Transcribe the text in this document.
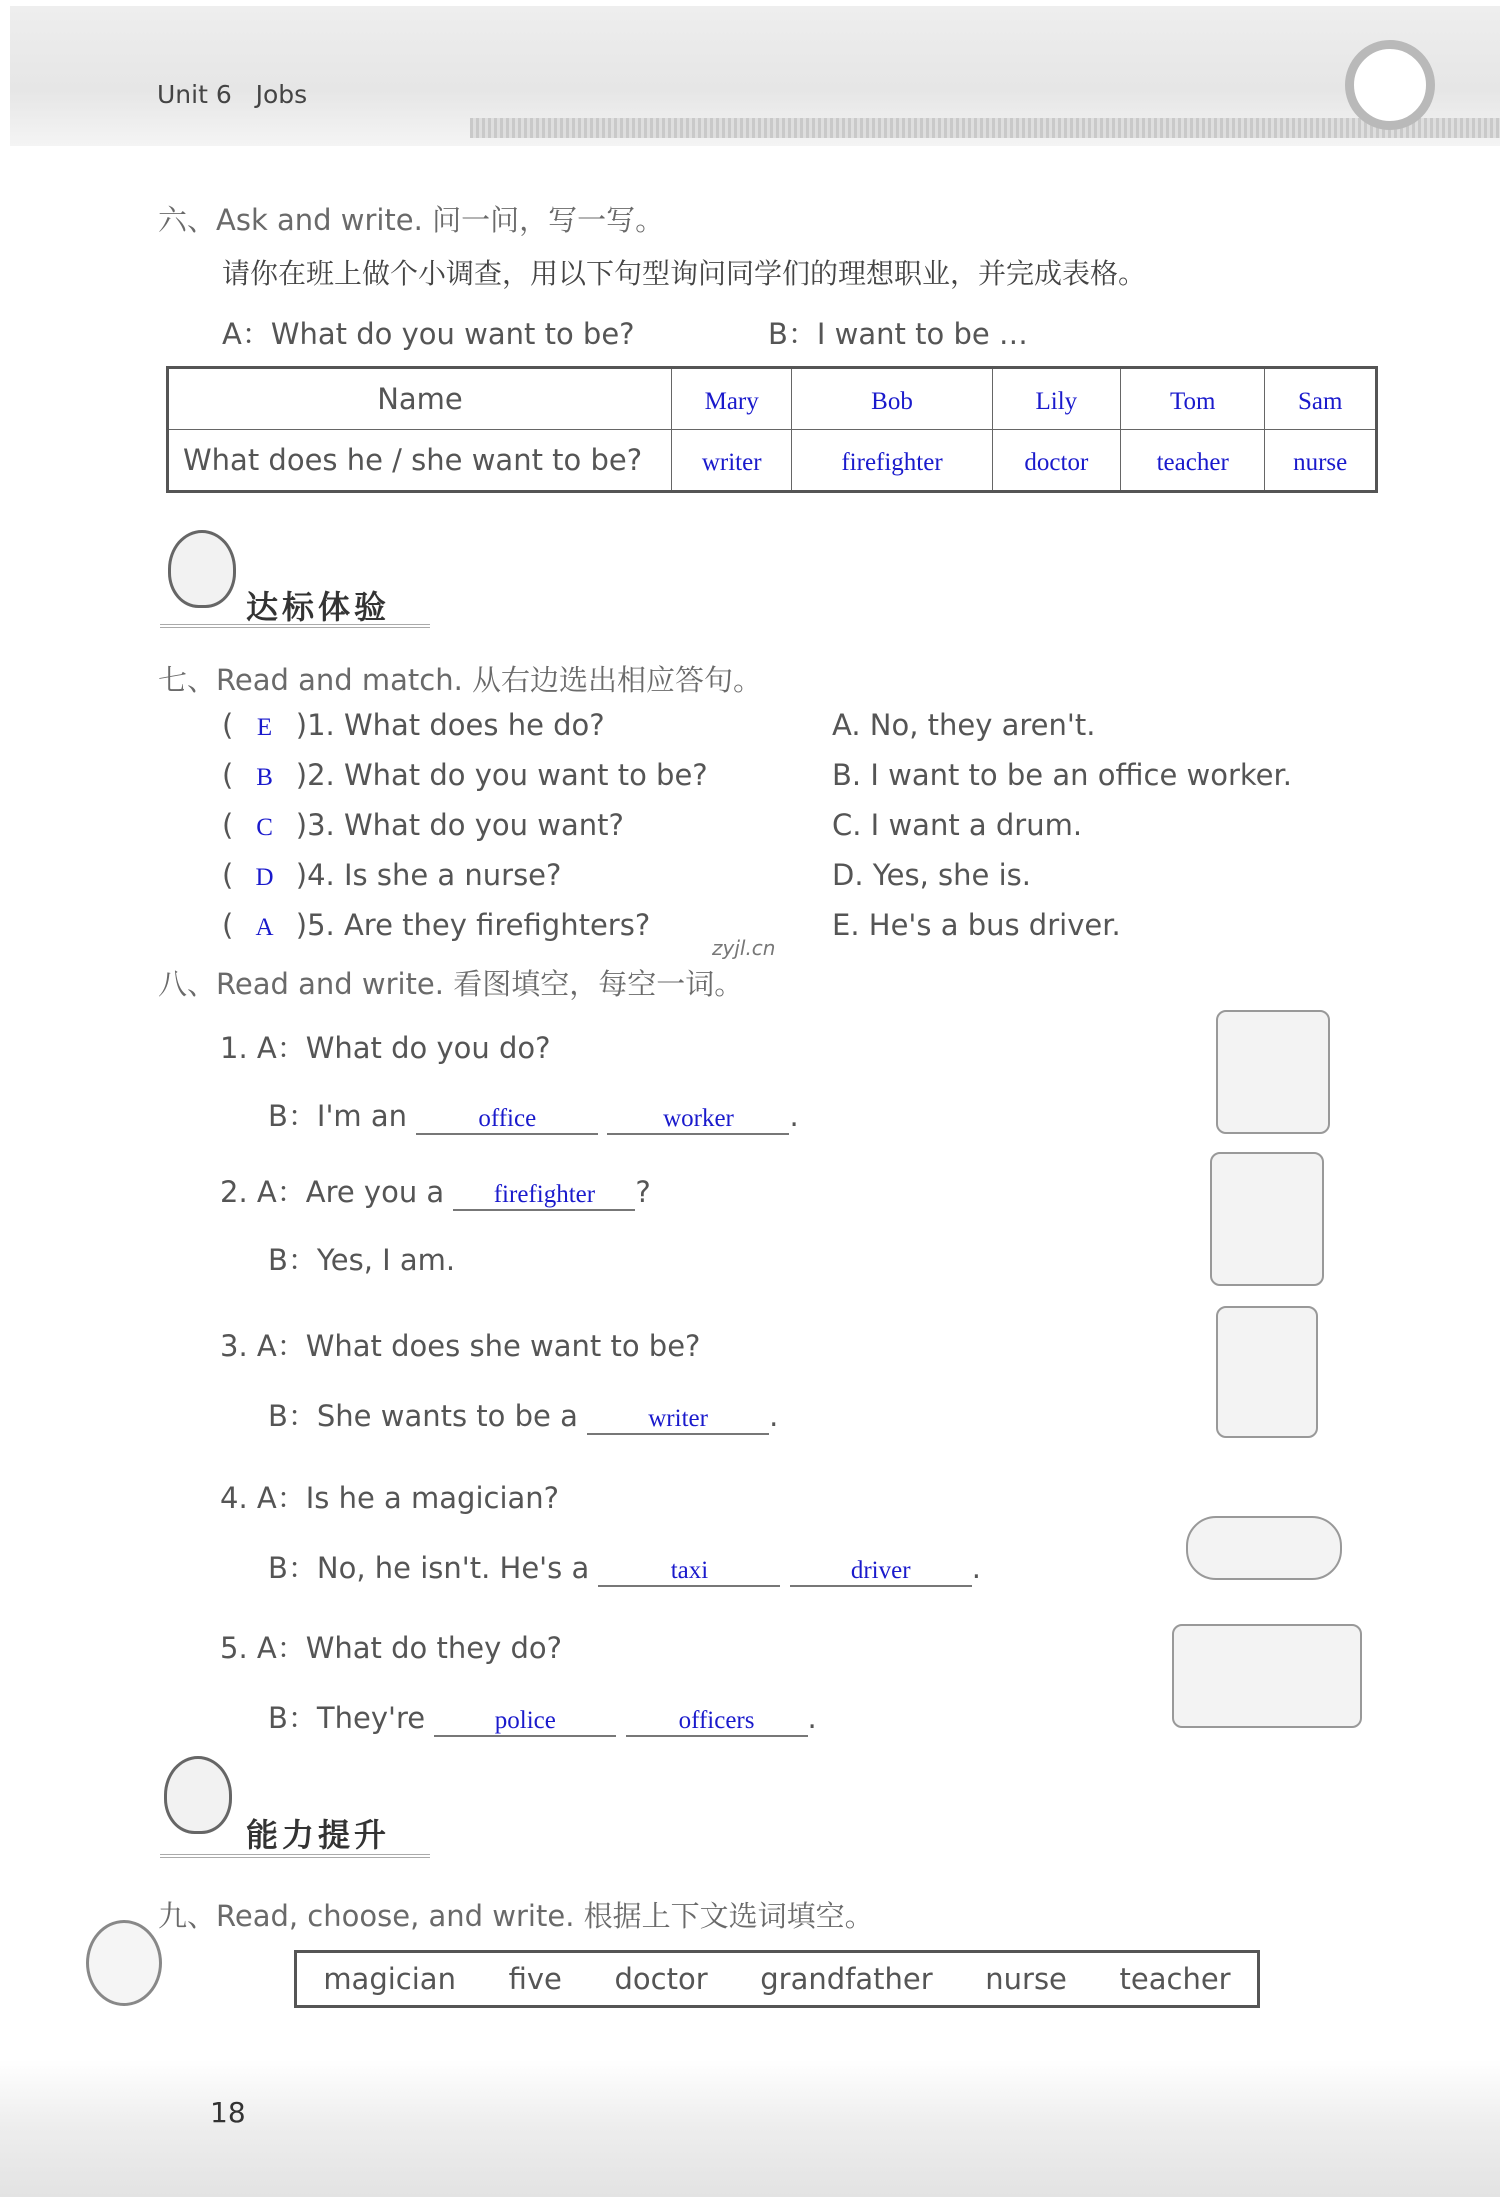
Unit 6 Jobs
六、Ask and write. 问一问，写一写。
请你在班上做个小调查，用以下句型询问同学们的理想职业，并完成表格。
A：What do you want to be?	B：I want to be …
Name	Mary	Bob	Lily	Tom	Sam
What does he / she want to be?	writer	firefighter	doctor	teacher	nurse
达标体验
七、Read and match. 从右边选出相应答句。
( E )1. What does he do?
( B )2. What do you want to be?
( C )3. What do you want?
( D )4. Is she a nurse?
( A )5. Are they firefighters?
A. No, they aren't.
B. I want to be an office worker.
C. I want a drum.
D. Yes, she is.
E. He's a bus driver.
zyjl.cn
八、Read and write. 看图填空，每空一词。
1. A：What do you do?
B：I'm an	office	worker .
2. A：Are you a firefighter ?
B：Yes, I am.
3. A：What does she want to be?
B：She wants to be a	writer .
4. A：Is he a magician?
B：No, he isn't. He's a	taxi	driver .
5. A：What do they do?
B：They're	police	officers .
能力提升
九、Read, choose, and write. 根据上下文选词填空。
magician five doctor grandfather nurse teacher
18
